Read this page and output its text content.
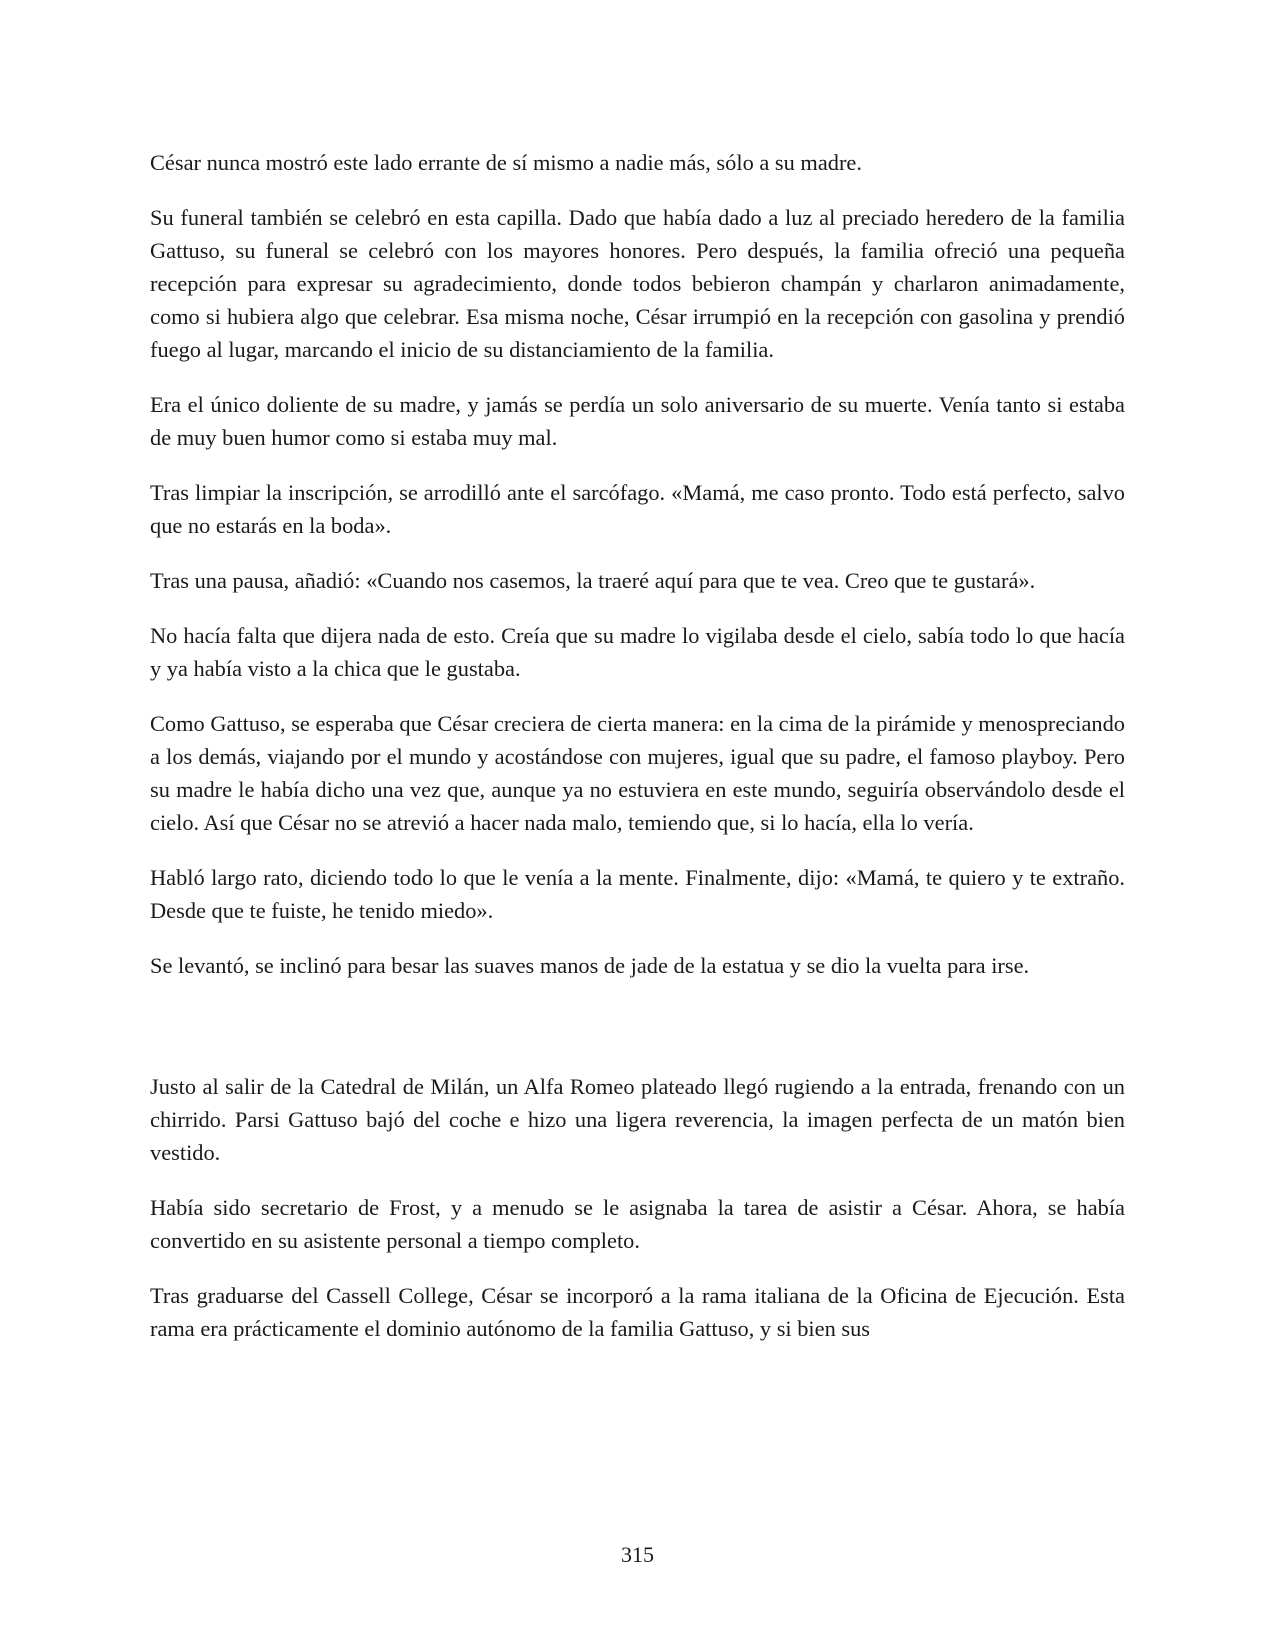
César nunca mostró este lado errante de sí mismo a nadie más, sólo a su madre.

Su funeral también se celebró en esta capilla. Dado que había dado a luz al preciado heredero de la familia Gattuso, su funeral se celebró con los mayores honores. Pero después, la familia ofreció una pequeña recepción para expresar su agradecimiento, donde todos bebieron champán y charlaron animadamente, como si hubiera algo que celebrar. Esa misma noche, César irrumpió en la recepción con gasolina y prendió fuego al lugar, marcando el inicio de su distanciamiento de la familia.

Era el único doliente de su madre, y jamás se perdía un solo aniversario de su muerte. Venía tanto si estaba de muy buen humor como si estaba muy mal.

Tras limpiar la inscripción, se arrodilló ante el sarcófago. «Mamá, me caso pronto. Todo está perfecto, salvo que no estarás en la boda».

Tras una pausa, añadió: «Cuando nos casemos, la traeré aquí para que te vea. Creo que te gustará».

No hacía falta que dijera nada de esto. Creía que su madre lo vigilaba desde el cielo, sabía todo lo que hacía y ya había visto a la chica que le gustaba.

Como Gattuso, se esperaba que César creciera de cierta manera: en la cima de la pirámide y menospreciando a los demás, viajando por el mundo y acostándose con mujeres, igual que su padre, el famoso playboy. Pero su madre le había dicho una vez que, aunque ya no estuviera en este mundo, seguiría observándolo desde el cielo. Así que César no se atrevió a hacer nada malo, temiendo que, si lo hacía, ella lo vería.

Habló largo rato, diciendo todo lo que le venía a la mente. Finalmente, dijo: «Mamá, te quiero y te extraño. Desde que te fuiste, he tenido miedo».

Se levantó, se inclinó para besar las suaves manos de jade de la estatua y se dio la vuelta para irse.

Justo al salir de la Catedral de Milán, un Alfa Romeo plateado llegó rugiendo a la entrada, frenando con un chirrido. Parsi Gattuso bajó del coche e hizo una ligera reverencia, la imagen perfecta de un matón bien vestido.

Había sido secretario de Frost, y a menudo se le asignaba la tarea de asistir a César. Ahora, se había convertido en su asistente personal a tiempo completo.

Tras graduarse del Cassell College, César se incorporó a la rama italiana de la Oficina de Ejecución. Esta rama era prácticamente el dominio autónomo de la familia Gattuso, y si bien sus

315
